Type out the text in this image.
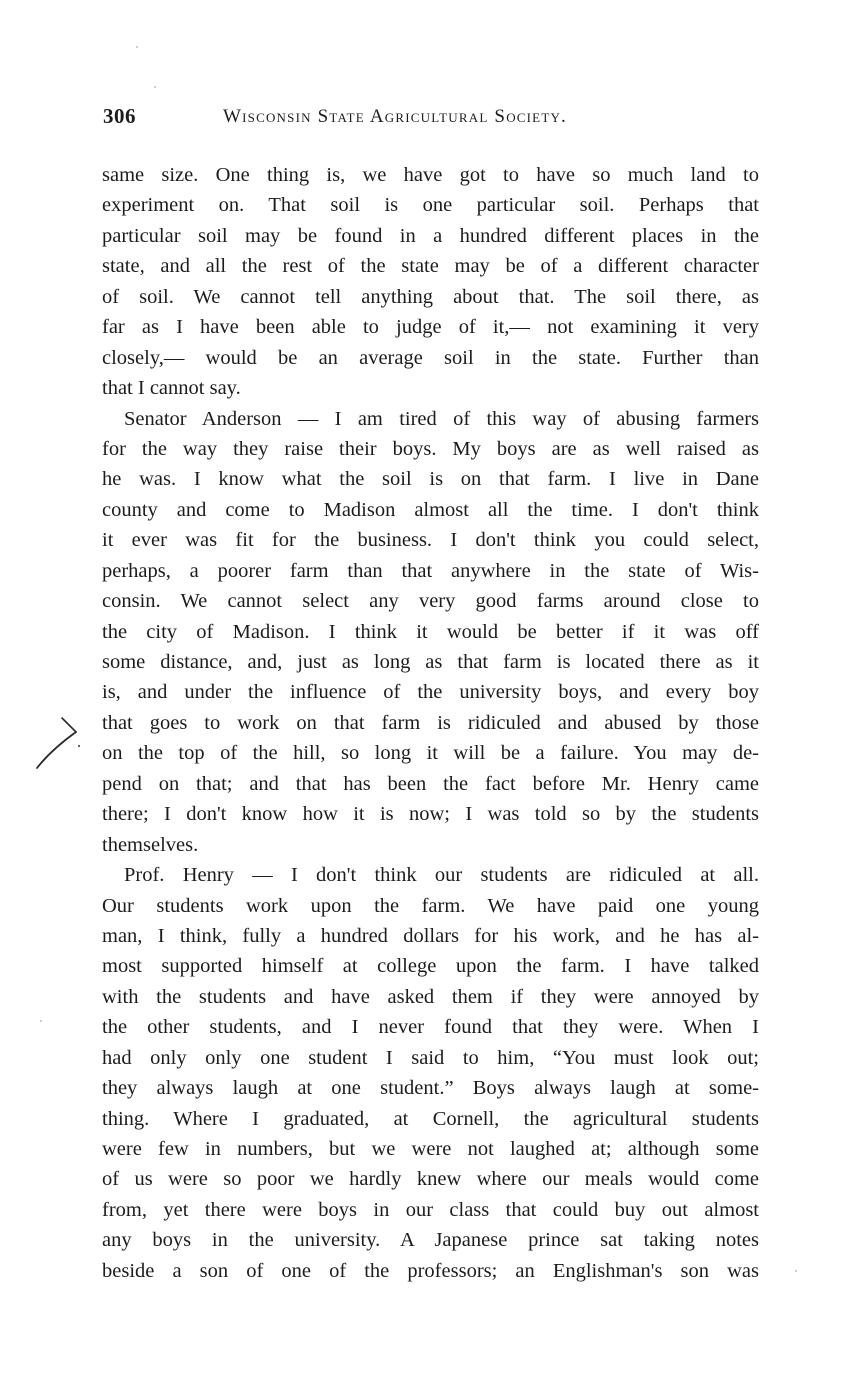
306	Wisconsin State Agricultural Society.
same size. One thing is, we have got to have so much land to
experiment on. That soil is one particular soil. Perhaps that
particular soil may be found in a hundred different places in the
state, and all the rest of the state may be of a different character
of soil. We cannot tell anything about that. The soil there, as
far as I have been able to judge of it,— not examining it very
closely,— would be an average soil in the state. Further than
that I cannot say.
Senator Anderson — I am tired of this way of abusing farmers
for the way they raise their boys. My boys are as well raised as
he was. I know what the soil is on that farm. I live in Dane
county and come to Madison almost all the time. I don't think
it ever was fit for the business. I don't think you could select,
perhaps, a poorer farm than that anywhere in the state of Wis-
consin. We cannot select any very good farms around close to
the city of Madison. I think it would be better if it was off
some distance, and, just as long as that farm is located there as it
is, and under the influence of the university boys, and every boy
that goes to work on that farm is ridiculed and abused by those
on the top of the hill, so long it will be a failure. You may de-
pend on that; and that has been the fact before Mr. Henry came
there; I don't know how it is now; I was told so by the students
themselves.
Prof. Henry — I don't think our students are ridiculed at all.
Our students work upon the farm. We have paid one young
man, I think, fully a hundred dollars for his work, and he has al-
most supported himself at college upon the farm. I have talked
with the students and have asked them if they were annoyed by
the other students, and I never found that they were. When I
had only only one student I said to him, “You must look out;
they always laugh at one student.” Boys always laugh at some-
thing. Where I graduated, at Cornell, the agricultural students
were few in numbers, but we were not laughed at; although some
of us were so poor we hardly knew where our meals would come
from, yet there were boys in our class that could buy out almost
any boys in the university. A Japanese prince sat taking notes
beside a son of one of the professors; an Englishman's son was
